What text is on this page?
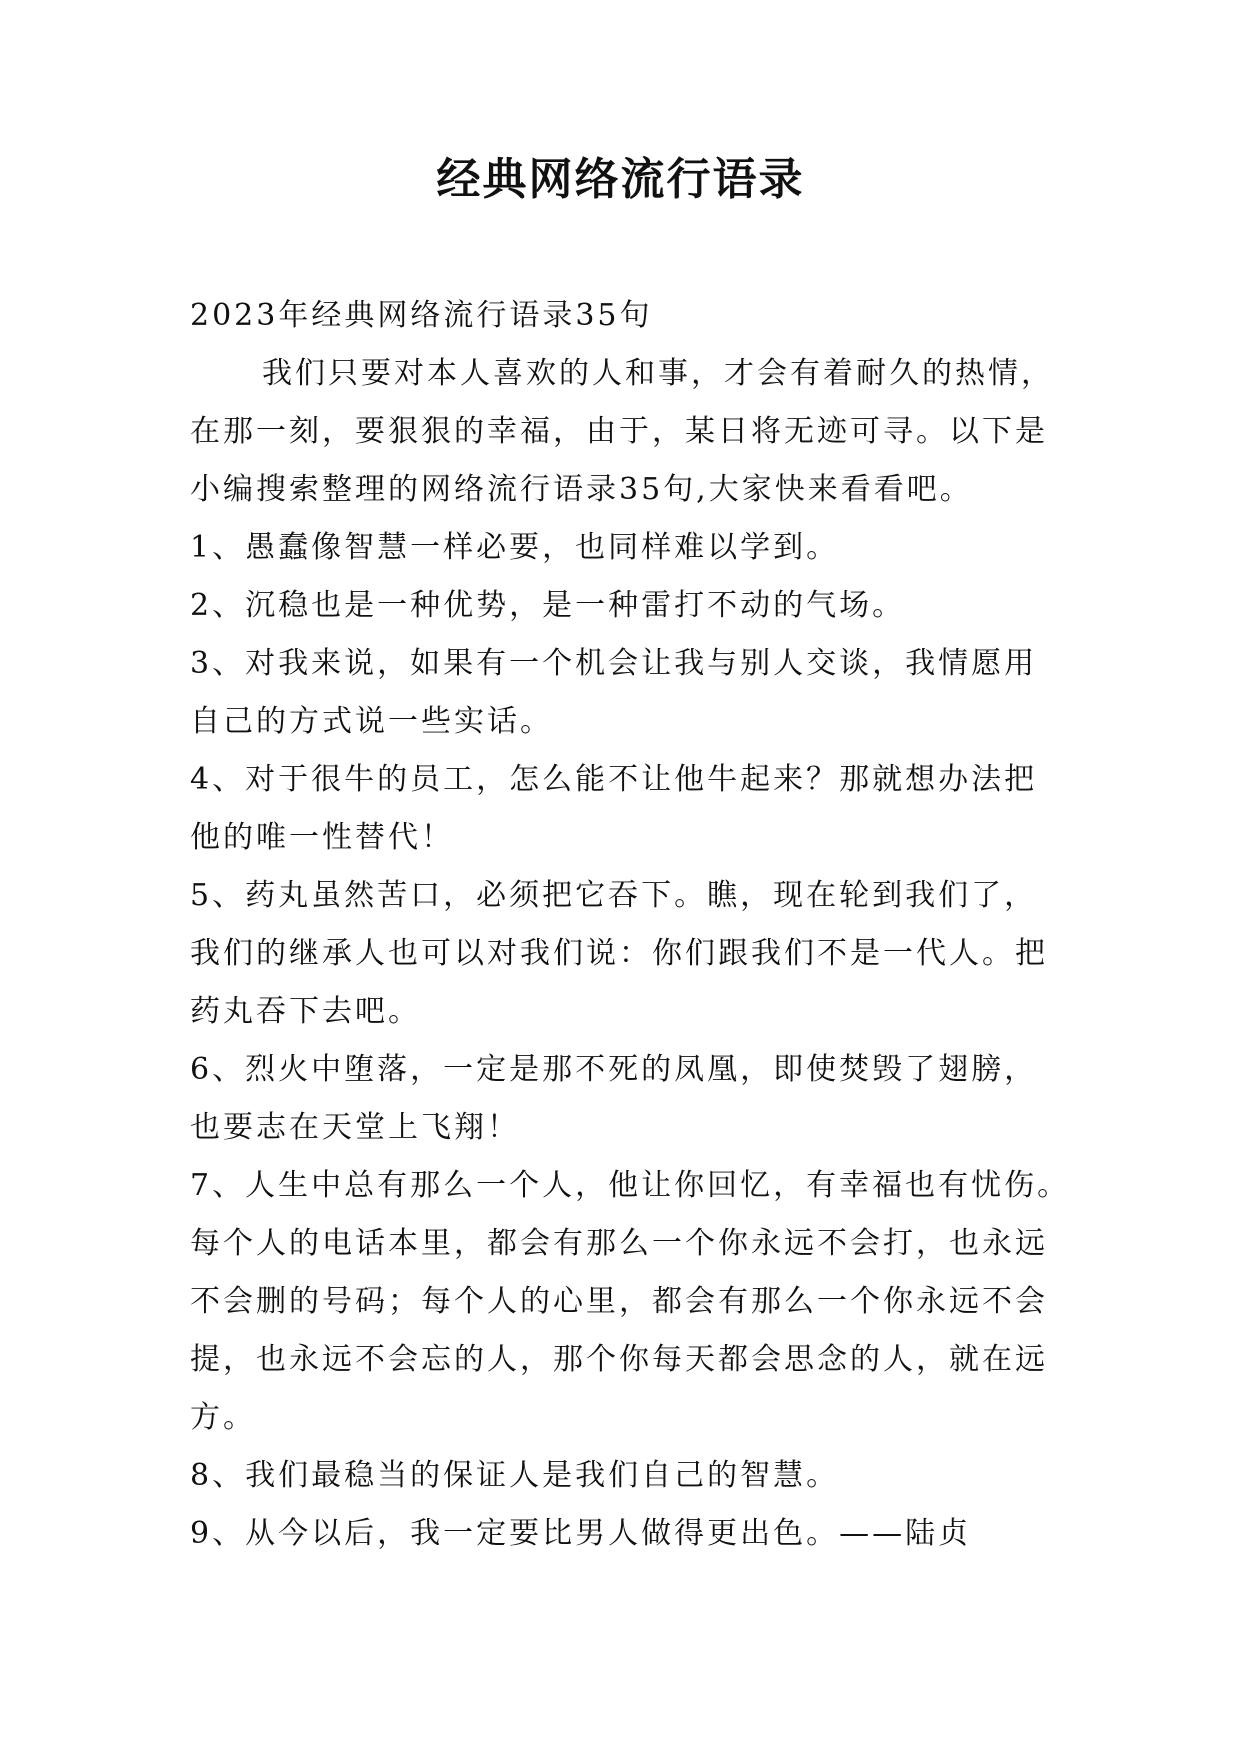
经典网络流行语录
2023年经典网络流行语录35句
我们只要对本人喜欢的人和事，才会有着耐久的热情，
在那一刻，要狠狠的幸福，由于，某日将无迹可寻。以下是
小编搜索整理的网络流行语录35句,大家快来看看吧。
1、愚蠢像智慧一样必要，也同样难以学到。
2、沉稳也是一种优势，是一种雷打不动的气场。
3、对我来说，如果有一个机会让我与别人交谈，我情愿用
自己的方式说一些实话。
4、对于很牛的员工，怎么能不让他牛起来？那就想办法把
他的唯一性替代！
5、药丸虽然苦口，必须把它吞下。瞧，现在轮到我们了，
我们的继承人也可以对我们说：你们跟我们不是一代人。把
药丸吞下去吧。
6、烈火中堕落，一定是那不死的凤凰，即使焚毁了翅膀，
也要志在天堂上飞翔！
7、人生中总有那么一个人，他让你回忆，有幸福也有忧伤。
每个人的电话本里，都会有那么一个你永远不会打，也永远
不会删的号码；每个人的心里，都会有那么一个你永远不会
提，也永远不会忘的人，那个你每天都会思念的人，就在远
方。
8、我们最稳当的保证人是我们自己的智慧。
9、从今以后，我一定要比男人做得更出色。——陆贞
